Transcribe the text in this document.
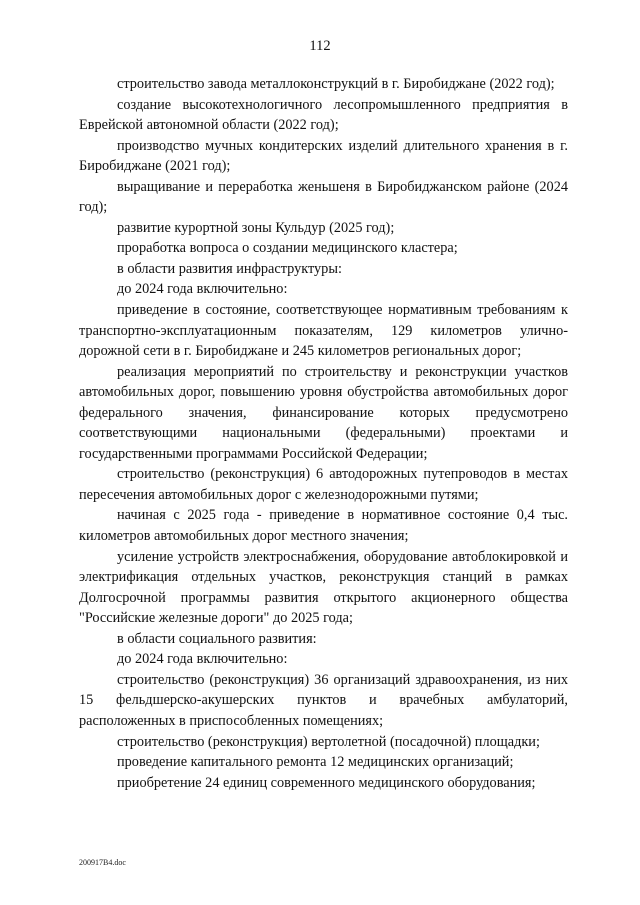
112

строительство завода металлоконструкций в г. Биробиджане (2022 год);

создание высокотехнологичного лесопромышленного предприятия в Еврейской автономной области (2022 год);

производство мучных кондитерских изделий длительного хранения в г. Биробиджане (2021 год);

выращивание и переработка женьшеня в Биробиджанском районе (2024 год);

развитие курортной зоны Кульдур (2025 год);

проработка вопроса о создании медицинского кластера;

в области развития инфраструктуры:

до 2024 года включительно:

приведение в состояние, соответствующее нормативным требованиям к транспортно-эксплуатационным показателям, 129 километров улично-дорожной сети в г. Биробиджане и 245 километров региональных дорог;

реализация мероприятий по строительству и реконструкции участков автомобильных дорог, повышению уровня обустройства автомобильных дорог федерального значения, финансирование которых предусмотрено соответствующими национальными (федеральными) проектами и государственными программами Российской Федерации;

строительство (реконструкция) 6 автодорожных путепроводов в местах пересечения автомобильных дорог с железнодорожными путями;

начиная с 2025 года - приведение в нормативное состояние 0,4 тыс. километров автомобильных дорог местного значения;

усиление устройств электроснабжения, оборудование автоблокировкой и электрификация отдельных участков, реконструкция станций в рамках Долгосрочной программы развития открытого акционерного общества "Российские железные дороги" до 2025 года;

в области социального развития:

до 2024 года включительно:

строительство (реконструкция) 36 организаций здравоохранения, из них 15 фельдшерско-акушерских пунктов и врачебных амбулаторий, расположенных в приспособленных помещениях;

строительство (реконструкция) вертолетной (посадочной) площадки;

проведение капитального ремонта 12 медицинских организаций;

приобретение 24 единиц современного медицинского оборудования;

200917В4.doc
